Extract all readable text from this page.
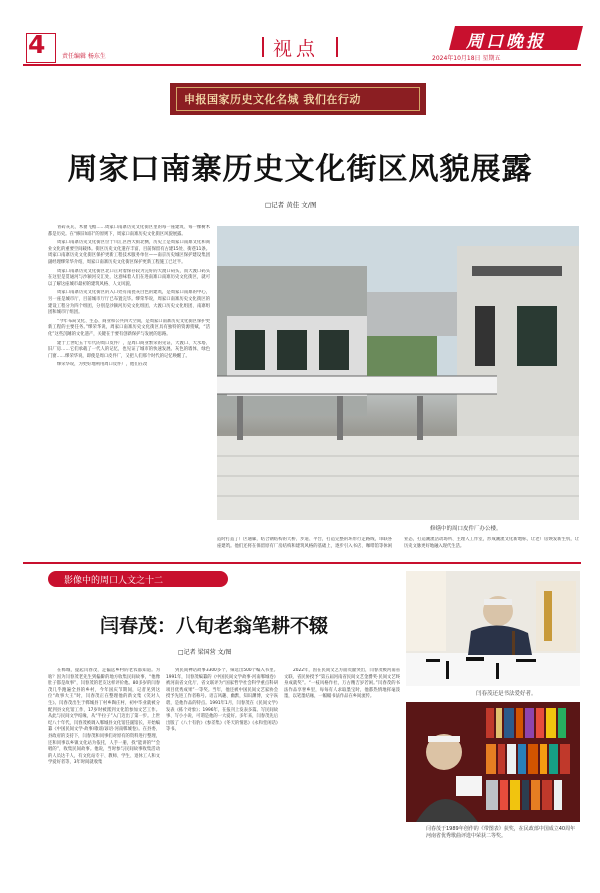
4	责任编辑 杨东生	视点	周口晚报
2024年10月18日 星期五
申报国家历史文化名城 我们在行动
周家口南寨历史文化街区风貌展露
□记者 黄佳 文/图

青砖灰瓦、木窗飞檐……周家口南寨历史文化街区里的每一座建筑、每一棵树木都是历史。在“修旧如旧”的原则下，周家口南寨历史文化街区风貌展露。

周家口南寨历史文化街区位于川汇区西大街北侧，历史上是周家口南寨文化和商业文化的重要空间载体。街区历史文化遗存丰富，目前保留有古建15处、街巷11条。周家口南寨历史文化街区保护更新工程技术服务单位——南京历史城区保护建设集团副经理缪荣华介绍，周家口南寨历史文化街区保护更新工程施工已过半。

周家口南寨历史文化街区北口正对着保存较为完好的大渡口码头，而大渡口码头在这里是贯通河与沙颍河交汇处，这意味着人们在进南寨口南寨历史文化街区，就可以了解这座城市最初的建筑风格、人文风貌。

周家口南寨历史文化街区的入口处有南瓷灰白色的建筑，是周家口南寨的中心，另一座是城市厅，目前城市厅厅已布置完毕。缪荣华说，周家口南寨历史文化街区的建设工程分为四个组团，分别是沙颍河历史文化组团、大渡口历史文化组团、南寨组团和城市厅组团。

“今年布局文化、生态、商业和公共四大空间，是周家口南寨历史文化街区保护更新工程的主要任务。”缪荣华说，周家口南寨历史文化街区具有独特的资源禀赋，“活化”这些沉睡的文化遗产，关键在于要有创新保护与发展的思路。

建于上世纪五十年代的周口皮件厂，是周口商业繁荣的见证，大渡口、大水塔、旧厂房……它们承载了一代人的记忆，也见证了城市的快速发展。灰色的墙体、绿色门窗……缪荣华说，即使是周口皮件厂，又把人们那个时代的记忆唤醒了。

缪荣华说，为更好地利用周口皮件厂，他们在改

修缮中的周口皮件厂办公楼。
造时打造了厂区通廊，结合钢结构的天桥、步道、平台，打造完整的环形行走路线，串联各座建筑。他们还将在保留原有厂房结构和建筑风格的基础上，逐步引入书店、咖啡馆等休闲业态，打造潮流活动场所、主理人工作室，形成潮流文化新地标，让老厂房焕发新生机，让历史文脉更好地融入现代生活。
影像中的周口人文之十二
闫春茂：八旬老翁笔耕不辍
□记者 梁国营 文/图
在郸城，提起闫春茂，走偏远乡村的老农都知道。为啥？因为闫春茂老先生到偏僻的地方收集民间故事，“他像肚子都是故事”，闫春茂的老友这样评价他。80多岁的闫春茂几乎跑遍全县的乡村，今年国庆节期间，记者见到这位“故事大王”时，闫春茂正在整理他的新文集《笑对人生》。闫春茂出生于郸城县丁村乡陶庄村，初中毕业就被分配到县文化馆工作，17岁时被派到文化馆参加文艺工作。从此与民间文学结缘，从“半拉子”入门迈出了第一步。上世纪八十年代，闫春茂被调入郸城县文化馆任副馆长，开始编纂《中国民间文学·故事/歌谣/谚语·河南郸城卷》。在县委、县政府的支持下，闫春茂和同事们对原有的资料进行整理，还和同事以乡镇文化站为依托，人手一册，找“能讲的”“会唱的”，收集民间故事。他说，当时参与民间故事收集活动的人员达千人，有文化站专干、教师、学生、退休工人和文学爱好者等，3年时间就收集
到民间神话故事3300多个，筛选出500个编入书里。1991年，闫春茂编纂的《中国民间文学故事·河南郸城卷》被河南省文化厅、省文联评为“国家哲学社会科学重点科研项目优秀成果”一等奖。当年，他还被中国民间文艺家协会授予先进工作者称号。语言风趣、幽默，知识渊博，文字诙谐，是他作品的特点。1991年1月，闫春茂在《民间文学》发表《拣个对象》；1996年，在报刊上发表多篇。写民间故事、写小小说，可谓是他的一大爱好。多年来，闫春茂先后出版了《八十有豹》《参差集》《冬天的情思》《永和堂闲话》等书。
2022年，因在民间文艺方面贡献突出，闫春茂被河南省文联、省民协授予“第五届河南省民间文艺金爵奖·民间文艺终身成就奖”。“一枝风格作社，万古精吉岁若闲。”闫春茂的书法作品享誉乡里，每每有人求取墨宝时，他都热情地挥毫泼墨，以笔墨结缘，一幅幅书法作品在乡间流传。	闫春茂还是书法爱好者。
闫春茂于1989年创作的《带图表》获奖，在民政部中国成立40周年河南省优秀歌曲评选中荣获二等奖。
